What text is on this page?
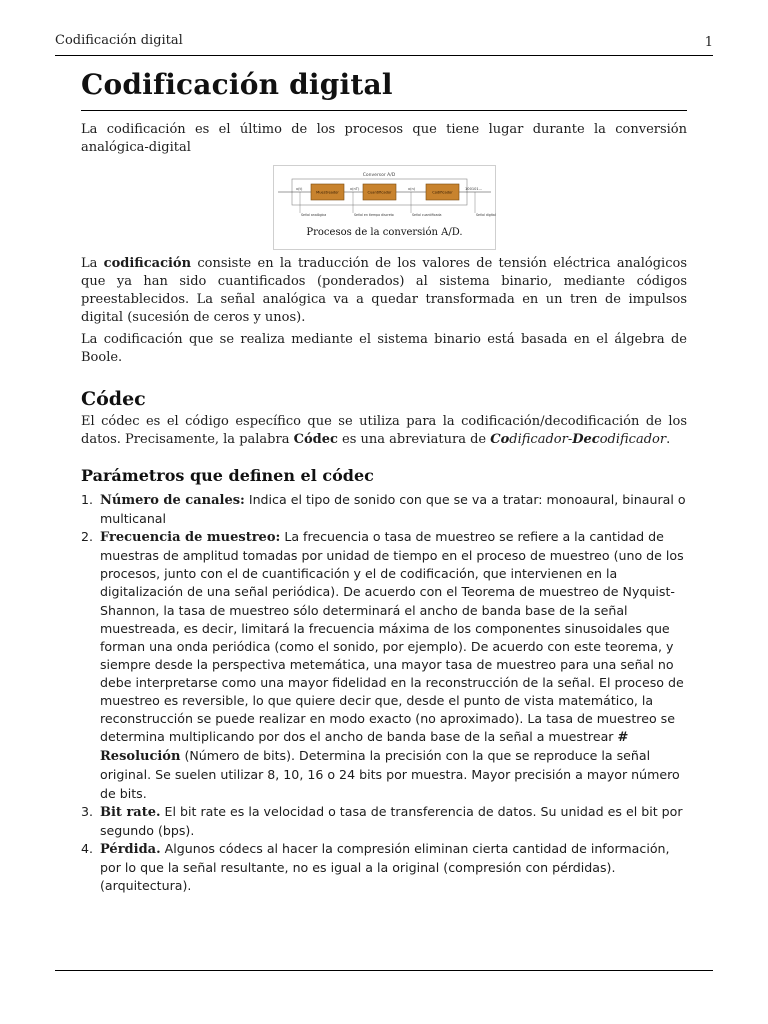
Codificación digital	1
Codificación digital
La codificación es el último de los procesos que tiene lugar durante la conversión analógica-digital
Conversor A/D
Muestreador	Cuantificador	Codificador
x(t)	x(nT)	x(n)	100101...
Señal analógica	Señal en tiempo discreto	Señal cuantificada	Señal digital
Procesos de la conversión A/D.
La codificación consiste en la traducción de los valores de tensión eléctrica analógicos que ya han sido cuantificados (ponderados) al sistema binario, mediante códigos preestablecidos. La señal analógica va a quedar transformada en un tren de impulsos digital (sucesión de ceros y unos).
La codificación que se realiza mediante el sistema binario está basada en el álgebra de Boole.
Códec
El códec es el código específico que se utiliza para la codificación/decodificación de los datos. Precisamente, la palabra Códec es una abreviatura de Codificador-Decodificador.
Parámetros que definen el códec
1. Número de canales: Indica el tipo de sonido con que se va a tratar: monoaural, binaural o multicanal
2. Frecuencia de muestreo: La frecuencia o tasa de muestreo se refiere a la cantidad de muestras de amplitud tomadas por unidad de tiempo en el proceso de muestreo (uno de los procesos, junto con el de cuantificación y el de codificación, que intervienen en la digitalización de una señal periódica). De acuerdo con el Teorema de muestreo de Nyquist-Shannon, la tasa de muestreo sólo determinará el ancho de banda base de la señal muestreada, es decir, limitará la frecuencia máxima de los componentes sinusoidales que forman una onda periódica (como el sonido, por ejemplo). De acuerdo con este teorema, y siempre desde la perspectiva metemática, una mayor tasa de muestreo para una señal no debe interpretarse como una mayor fidelidad en la reconstrucción de la señal. El proceso de muestreo es reversible, lo que quiere decir que, desde el punto de vista matemático, la reconstrucción se puede realizar en modo exacto (no aproximado). La tasa de muestreo se determina multiplicando por dos el ancho de banda base de la señal a muestrear # Resolución (Número de bits). Determina la precisión con la que se reproduce la señal original. Se suelen utilizar 8, 10, 16 o 24 bits por muestra. Mayor precisión a mayor número de bits.
3. Bit rate. El bit rate es la velocidad o tasa de transferencia de datos. Su unidad es el bit por segundo (bps).
4. Pérdida. Algunos códecs al hacer la compresión eliminan cierta cantidad de información, por lo que la señal resultante, no es igual a la original (compresión con pérdidas).(arquitectura).
